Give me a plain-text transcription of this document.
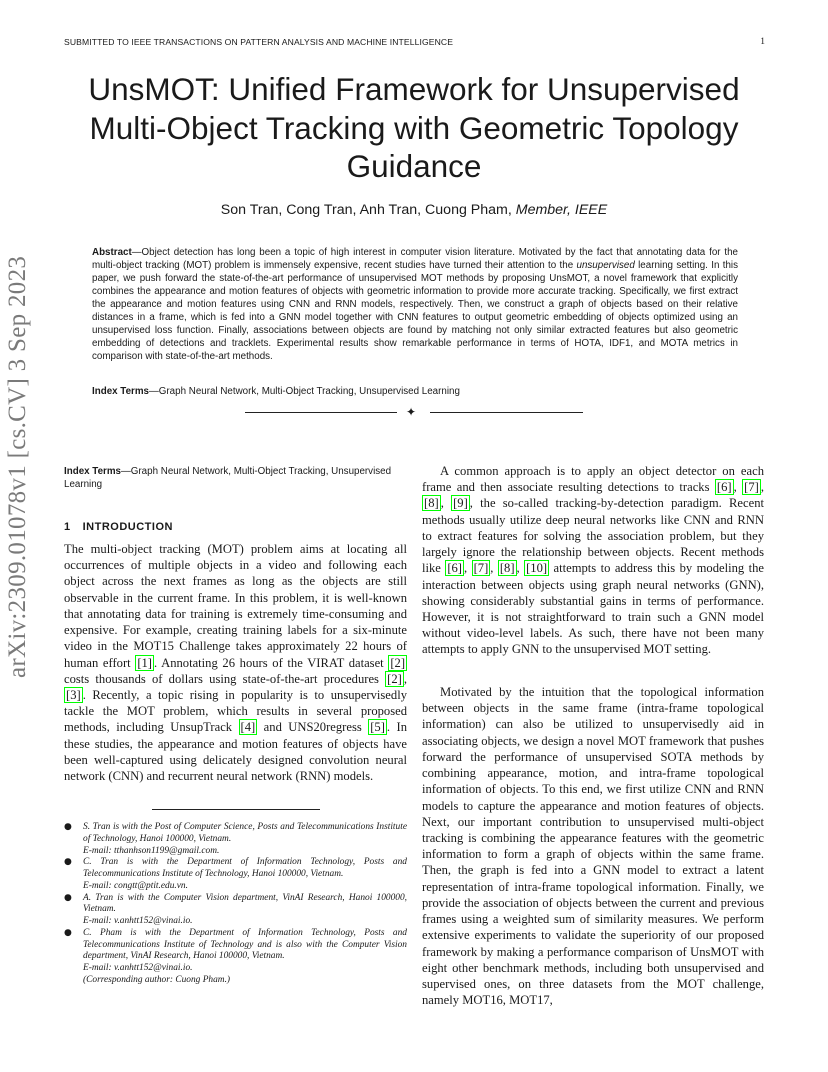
SUBMITTED TO IEEE TRANSACTIONS ON PATTERN ANALYSIS AND MACHINE INTELLIGENCE	1
UnsMOT: Unified Framework for Unsupervised
Multi-Object Tracking with Geometric Topology
Guidance
Son Tran, Cong Tran, Anh Tran, Cuong Pham, Member, IEEE

Abstract—Object detection has long been a topic of high interest in computer vision literature. Motivated by the fact that annotating data for the multi-object tracking (MOT) problem is immensely expensive, recent studies have turned their attention to the unsupervised learning setting. In this paper, we push forward the state-of-the-art performance of unsupervised MOT methods by proposing UnsMOT, a novel framework that explicitly combines the appearance and motion features of objects with geometric information to provide more accurate tracking. Specifically, we first extract the appearance and motion features using CNN and RNN models, respectively. Then, we construct a graph of objects based on their relative distances in a frame, which is fed into a GNN model together with CNN features to output geometric embedding of objects optimized using an unsupervised loss function. Finally, associations between objects are found by matching not only similar extracted features but also geometric embedding of detections and tracklets. Experimental results show remarkable performance in terms of HOTA, IDF1, and MOTA metrics in comparison with state-of-the-art methods.

Index Terms—Graph Neural Network, Multi-Object Tracking, Unsupervised Learning

✦
arXiv:2309.01078v1 [cs.CV] 3 Sep 2023	Index Terms—Graph Neural Network, Multi-Object Tracking, Unsupervised Learning

1 INTRODUCTION

The multi-object tracking (MOT) problem aims at locating all occurrences of multiple objects in a video and following each object across the next frames as long as the objects are still observable in the current frame. In this problem, it is well-known that annotating data for training is extremely time-consuming and expensive. For example, creating training labels for a six-minute video in the MOT15 Challenge takes approximately 22 hours of human effort [1] . Annotating 26 hours of the VIRAT dataset [2] costs thousands of dollars using state-of-the-art procedures [2] , [3] . Recently, a topic rising in popularity is to unsupervisedly tackle the MOT problem, which results in several proposed methods, including UnsupTrack [4] and UNS20regress [5] . In these studies, the appearance and motion features of objects have been well-captured using delicately designed convolution neural network (CNN) and recurrent neural network (RNN) models.

● S. Tran is with the Post of Computer Science, Posts and Telecommunications Institute of Technology, Hanoi 100000, Vietnam.
E-mail: tthanhson1199@gmail.com.
● C. Tran is with the Department of Information Technology, Posts and Telecommunications Institute of Technology, Hanoi 100000, Vietnam.
E-mail: congtt@ptit.edu.vn.
● A. Tran is with the Computer Vision department, VinAI Research, Hanoi 100000, Vietnam.
E-mail: v.anhtt152@vinai.io.
● C. Pham is with the Department of Information Technology, Posts and Telecommunications Institute of Technology and is also with the Computer Vision department, VinAI Research, Hanoi 100000, Vietnam.
E-mail: v.anhtt152@vinai.io.
(Corresponding author: Cuong Pham.)

A common approach is to apply an object detector on each frame and then associate resulting detections to tracks [6] , [7] , [8] , [9] , the so-called tracking-by-detection paradigm. Recent methods usually utilize deep neural networks like CNN and RNN to extract features for solving the association problem, but they largely ignore the relationship between objects. Recent methods like [6] , [7] , [8] , [10] attempts to address this by modeling the interaction between objects using graph neural networks (GNN), showing considerably substantial gains in terms of performance. However, it is not straightforward to train such a GNN model without video-level labels. As such, there have not been many attempts to apply GNN to the unsupervised MOT setting.

Motivated by the intuition that the topological information between objects in the same frame (intra-frame topological information) can also be utilized to unsupervisedly aid in associating objects, we design a novel MOT framework that pushes forward the performance of unsupervised SOTA methods by combining appearance, motion, and intra-frame topological information of objects. To this end, we first utilize CNN and RNN models to capture the appearance and motion features of objects. Next, our important contribution to unsupervised multi-object tracking is combining the appearance features with the geometric information to form a graph of objects within the same frame. Then, the graph is fed into a GNN model to extract a latent representation of intra-frame topological information. Finally, we provide the association of objects between the current and previous frames using a weighted sum of similarity measures. We perform extensive experiments to validate the superiority of our proposed framework by making a performance comparison of UnsMOT with eight other benchmark methods, including both unsupervised and supervised ones, on three datasets from the MOT challenge, namely MOT16, MOT17,
